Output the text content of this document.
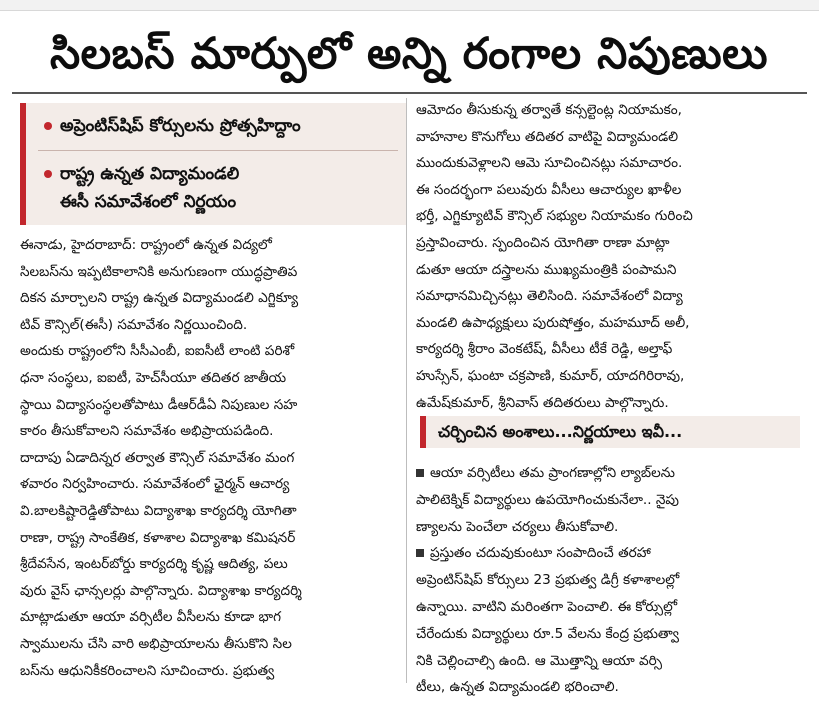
సిలబస్‌ మార్పులో అన్ని రంగాల నిపుణులు
అప్రెంటిస్‌షిప్‌ కోర్సులను ప్రోత్సహిద్దాం
రాష్ట్ర ఉన్నత విద్యామండలి
ఈసీ సమావేశంలో నిర్ణయం
ఈనాడు, హైదరాబాద్‌: రాష్ట్రంలో ఉన్నత విద్యలో
సిలబస్‌ను ఇప్పటికాలానికి అనుగుణంగా యుద్ధప్రాతిప
దికన మార్చాలని రాష్ట్ర ఉన్నత విద్యామండలి ఎగ్జిక్యూ
టివ్‌ కౌన్సిల్‌(ఈసీ) సమావేశం నిర్ణయించింది.
అందుకు రాష్ట్రంలోని సీసీఎంబీ, ఐఐసీటీ లాంటి పరిశో
ధనా సంస్థలు, ఐఐటీ, హెచ్‌సీయూ తదితర జాతీయ
స్థాయి విద్యాసంస్థలతోపాటు డీఆర్‌డీఏ నిపుణుల సహ
కారం తీసుకోవాలని సమావేశం అభిప్రాయపడింది.
దాదాపు ఏడాదిన్నర తర్వాత కౌన్సిల్‌ సమావేశం మంగ
ళవారం నిర్వహించారు. సమావేశంలో ఛైర్మన్‌ ఆచార్య
వి.బాలకిష్టారెడ్డితోపాటు విద్యాశాఖ కార్యదర్శి యోగితా
రాణా, రాష్ట్ర సాంకేతిక, కళాశాల విద్యాశాఖ కమిషనర్‌
శ్రీదేవసేన, ఇంటర్‌బోర్డు కార్యదర్శి కృష్ణ ఆదిత్య, పలు
వురు వైస్‌ ఛాన్సలర్లు పాల్గొన్నారు. విద్యాశాఖ కార్యదర్శి
మాట్లాడుతూ ఆయా వర్సిటీల వీసీలను కూడా భాగ
స్వాములను చేసి వారి అభిప్రాయాలను తీసుకొని సిల
బస్‌ను ఆధునికీకరించాలని సూచించారు. ప్రభుత్వ
ఆమోదం తీసుకున్న తర్వాతే కన్సల్టెంట్ల నియామకం,
వాహనాల కొనుగోలు తదితర వాటిపై విద్యామండలి
ముందుకువెళ్లాలని ఆమె సూచించినట్లు సమాచారం.
ఈ సందర్భంగా పలువురు వీసీలు ఆచార్యుల ఖాళీల
భర్తీ, ఎగ్జిక్యూటివ్‌ కౌన్సిల్‌ సభ్యుల నియామకం గురించి
ప్రస్తావించారు. స్పందించిన యోగితా రాణా మాట్లా
డుతూ ఆయా దస్త్రాలను ముఖ్యమంత్రికి పంపామని
సమాధానమిచ్చినట్లు తెలిసింది. సమావేశంలో విద్యా
మండలి ఉపాధ్యక్షులు పురుషోత్తం, మహమూద్‌ అలీ,
కార్యదర్శి శ్రీరాం వెంకటేష్‌, వీసీలు టీకే రెడ్డి, అల్తాఫ్‌
హుస్సేన్‌, ఘంటా చక్రపాణి, కుమార్‌, యాదగిరిరావు,
ఉమేష్‌కుమార్‌, శ్రీనివాస్‌ తదితరులు పాల్గొన్నారు.
చర్చించిన అంశాలు...నిర్ణయాలు ఇవీ...
ఆయా వర్సిటీలు తమ ప్రాంగణాల్లోని ల్యాబ్‌లను
పాలిటెక్నిక్‌ విద్యార్థులు ఉపయోగించుకునేలా.. నైపు
ణ్యాలను పెంచేలా చర్యలు తీసుకోవాలి.
ప్రస్తుతం చదువుకుంటూ సంపాదించే తరహా
అప్రెంటిస్‌షిప్‌ కోర్సులు 23 ప్రభుత్వ డిగ్రీ కళాశాలల్లో
ఉన్నాయి. వాటిని మరింతగా పెంచాలి. ఈ కోర్సుల్లో
చేరేందుకు విద్యార్థులు రూ.5 వేలను కేంద్ర ప్రభుత్వా
నికి చెల్లించాల్సి ఉంది. ఆ మొత్తాన్ని ఆయా వర్సి
టీలు, ఉన్నత విద్యామండలి భరించాలి.
